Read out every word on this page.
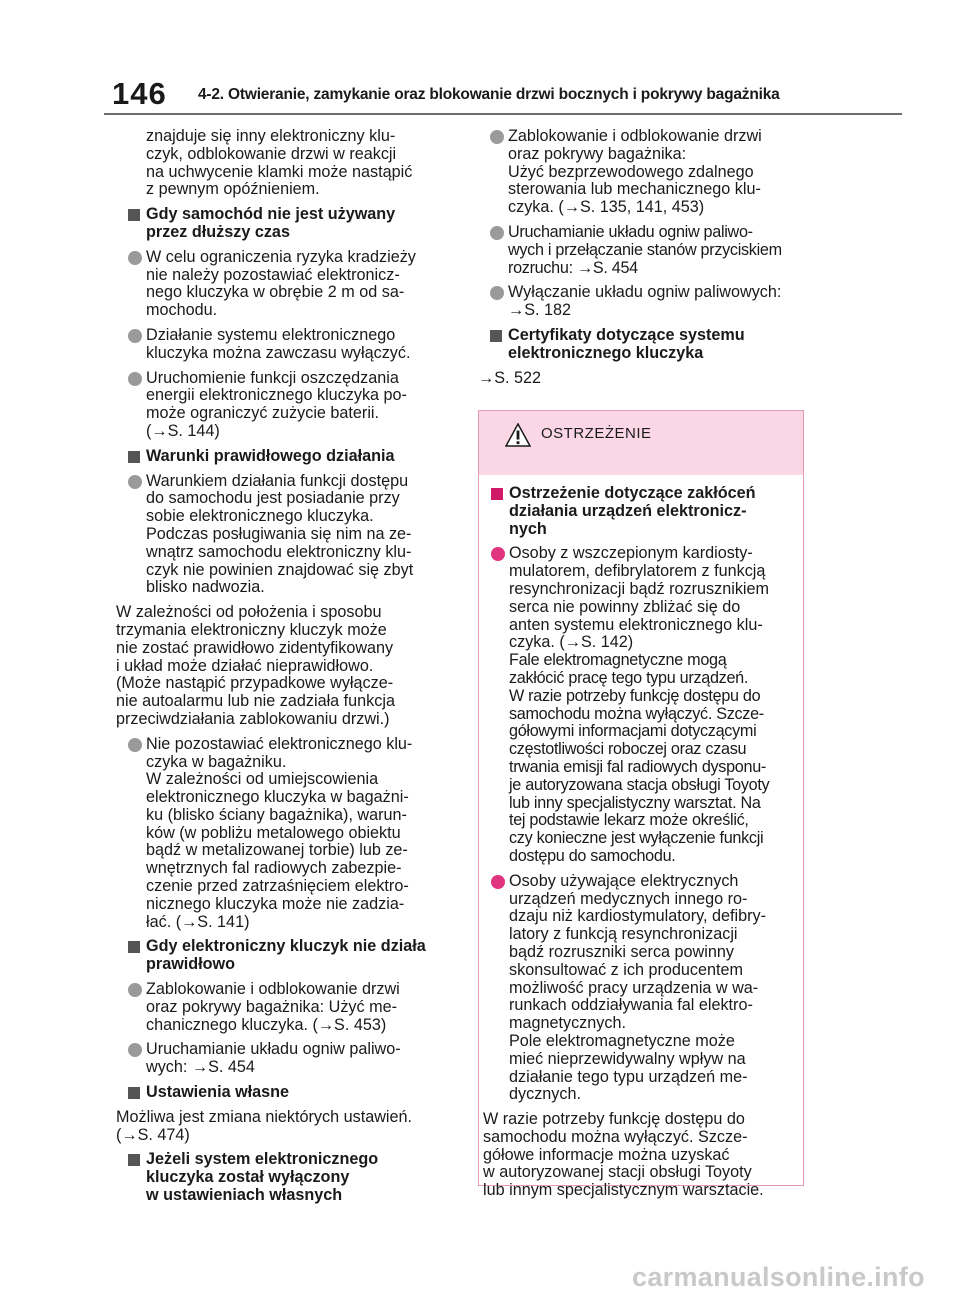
146 4-2. Otwieranie, zamykanie oraz blokowanie drzwi bocznych i pokrywy bagażnika
znajduje się inny elektroniczny klu-
czyk, odblokowanie drzwi w reakcji
na uchwycenie klamki może nastąpić
z pewnym opóźnieniem.
Gdy samochód nie jest używany
przez dłuższy czas
W celu ograniczenia ryzyka kradzieży
nie należy pozostawiać elektronicz-
nego kluczyka w obrębie 2 m od sa-
mochodu.
Działanie systemu elektronicznego
kluczyka można zawczasu wyłączyć.
Uruchomienie funkcji oszczędzania
energii elektronicznego kluczyka po-
może ograniczyć zużycie baterii.
(→S. 144)
Warunki prawidłowego działania
Warunkiem działania funkcji dostępu
do samochodu jest posiadanie przy
sobie elektronicznego kluczyka.
Podczas posługiwania się nim na ze-
wnątrz samochodu elektroniczny klu-
czyk nie powinien znajdować się zbyt
blisko nadwozia.
W zależności od położenia i sposobu
trzymania elektroniczny kluczyk może
nie zostać prawidłowo zidentyfikowany
i układ może działać nieprawidłowo.
(Może nastąpić przypadkowe wyłącze-
nie autoalarmu lub nie zadziała funkcja
przeciwdziałania zablokowaniu drzwi.)
Nie pozostawiać elektronicznego klu-
czyka w bagażniku.
W zależności od umiejscowienia
elektronicznego kluczyka w bagażni-
ku (blisko ściany bagażnika), warun-
ków (w pobliżu metalowego obiektu
bądź w metalizowanej torbie) lub ze-
wnętrznych fal radiowych zabezpie-
czenie przed zatrzaśnięciem elektro-
nicznego kluczyka może nie zadzia-
łać. (→S. 141)
Gdy elektroniczny kluczyk nie działa
prawidłowo
Zablokowanie i odblokowanie drzwi
oraz pokrywy bagażnika: Użyć me-
chanicznego kluczyka. (→S. 453)
Uruchamianie układu ogniw paliwo-
wych: →S. 454
Ustawienia własne
Możliwa jest zmiana niektórych ustawień.
(→S. 474)
Jeżeli system elektronicznego
kluczyka został wyłączony
w ustawieniach własnych
Zablokowanie i odblokowanie drzwi
oraz pokrywy bagażnika:
Użyć bezprzewodowego zdalnego
sterowania lub mechanicznego klu-
czyka. (→S. 135, 141, 453)
Uruchamianie układu ogniw paliwo-
wych i przełączanie stanów przyciskiem
rozruchu: →S. 454
Wyłączanie układu ogniw paliwowych:
→S. 182
Certyfikaty dotyczące systemu
elektronicznego kluczyka
→S. 522
OSTRZEŻENIE
Ostrzeżenie dotyczące zakłóceń
działania urządzeń elektronicz-
nych
Osoby z wszczepionym kardiosty-
mulatorem, defibrylatorem z funkcją
resynchronizacji bądź rozrusznikiem
serca nie powinny zbliżać się do
anten systemu elektronicznego klu-
czyka. (→S. 142)
Fale elektromagnetyczne mogą
zakłócić pracę tego typu urządzeń.
W razie potrzeby funkcję dostępu do
samochodu można wyłączyć. Szcze-
gółowymi informacjami dotyczącymi
częstotliwości roboczej oraz czasu
trwania emisji fal radiowych dysponu-
je autoryzowana stacja obsługi Toyoty
lub inny specjalistyczny warsztat. Na
tej podstawie lekarz może określić,
czy konieczne jest wyłączenie funkcji
dostępu do samochodu.
Osoby używające elektrycznych
urządzeń medycznych innego ro-
dzaju niż kardiostymulatory, defibry-
latory z funkcją resynchronizacji
bądź rozruszniki serca powinny
skonsultować z ich producentem
możliwość pracy urządzenia w wa-
runkach oddziaływania fal elektro-
magnetycznych.
Pole elektromagnetyczne może
mieć nieprzewidywalny wpływ na
działanie tego typu urządzeń me-
dycznych.
W razie potrzeby funkcję dostępu do
samochodu można wyłączyć. Szcze-
gółowe informacje można uzyskać
w autoryzowanej stacji obsługi Toyoty
lub innym specjalistycznym warsztacie.
carmanualsonline.info
